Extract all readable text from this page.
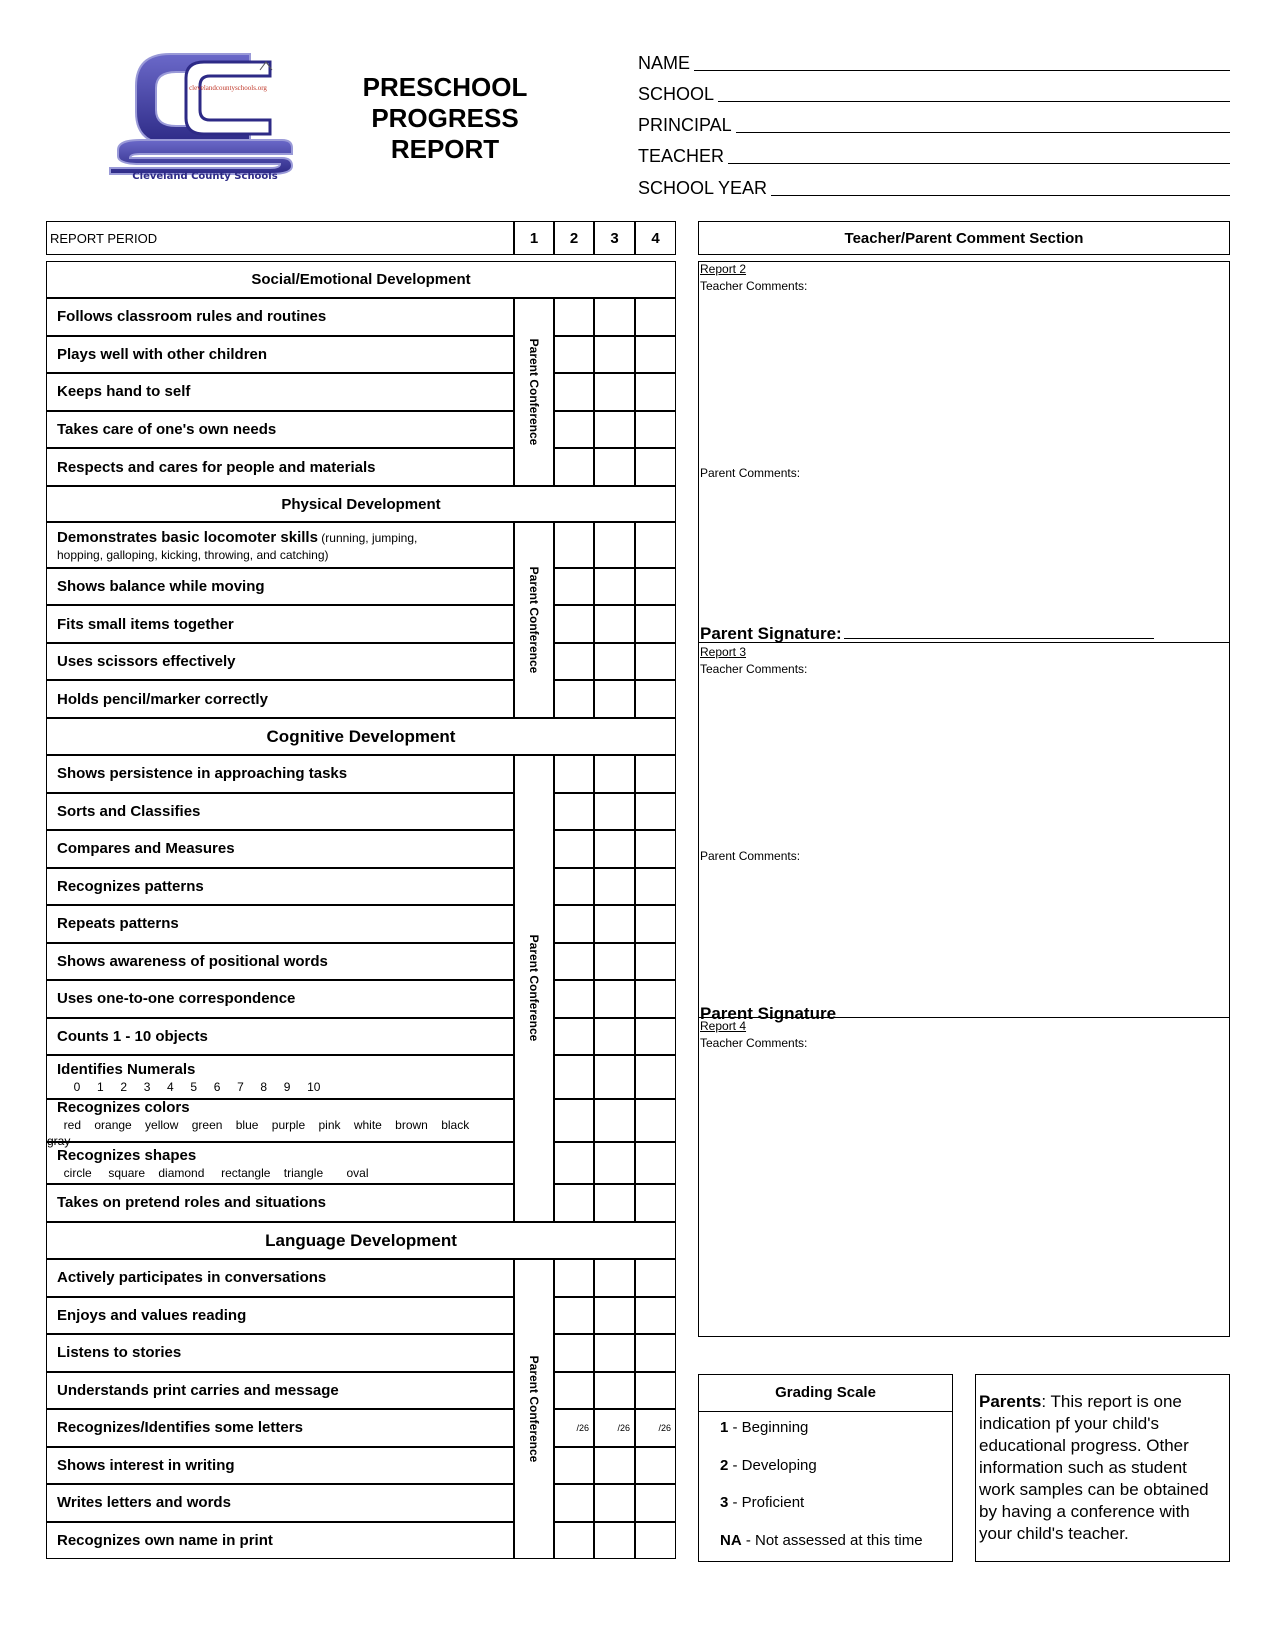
clevelandcountyschools.org
Cleveland County Schools
PRESCHOOL
PROGRESS
REPORT
NAME
SCHOOL
PRINCIPAL
TEACHER
SCHOOL YEAR
REPORT PERIOD	1	2	3	4
Social/Emotional Development
Follows classroom rules and routines
Plays well with other children
Keeps hand to self
Takes care of one's own needs
Respects and cares for people and materials
Parent Conference
Physical Development
Demonstrates basic locomoter skills (running, jumping,
hopping, galloping, kicking, throwing, and catching)
Shows balance while moving
Fits small items together
Uses scissors effectively
Holds pencil/marker correctly
Parent Conference
Cognitive Development
Shows persistence in approaching tasks
Sorts and Classifies
Compares and Measures
Recognizes patterns
Repeats patterns
Shows awareness of positional words
Uses one-to-one correspondence
Counts 1 - 10 objects
Identifies Numerals
0     1     2     3     4     5     6     7     8     9     10
Recognizes colors
red    orange    yellow    green    blue    purple    pink    white    brown    black
gray
Recognizes shapes
circle     square    diamond     rectangle    triangle       oval
Takes on pretend roles and situations
Parent Conference
Language Development
Actively participates in conversations
Enjoys and values reading
Listens to stories
Understands print carries and message
Recognizes/Identifies some letters	/26	/26	/26
Shows interest in writing
Writes letters and words
Recognizes own name in print
Parent Conference
Teacher/Parent Comment Section
Report 2
Teacher Comments:
Parent Comments:
Parent Signature:
Report 3
Teacher Comments:
Parent Comments:
Parent Signature
Report 4
Teacher Comments:
Grading Scale
1 - Beginning
2 - Developing
3 - Proficient
NA - Not assessed at this time
Parents: This report is one indication pf your child's educational progress. Other information such as student work samples can be obtained by having a conference with your child's teacher.
